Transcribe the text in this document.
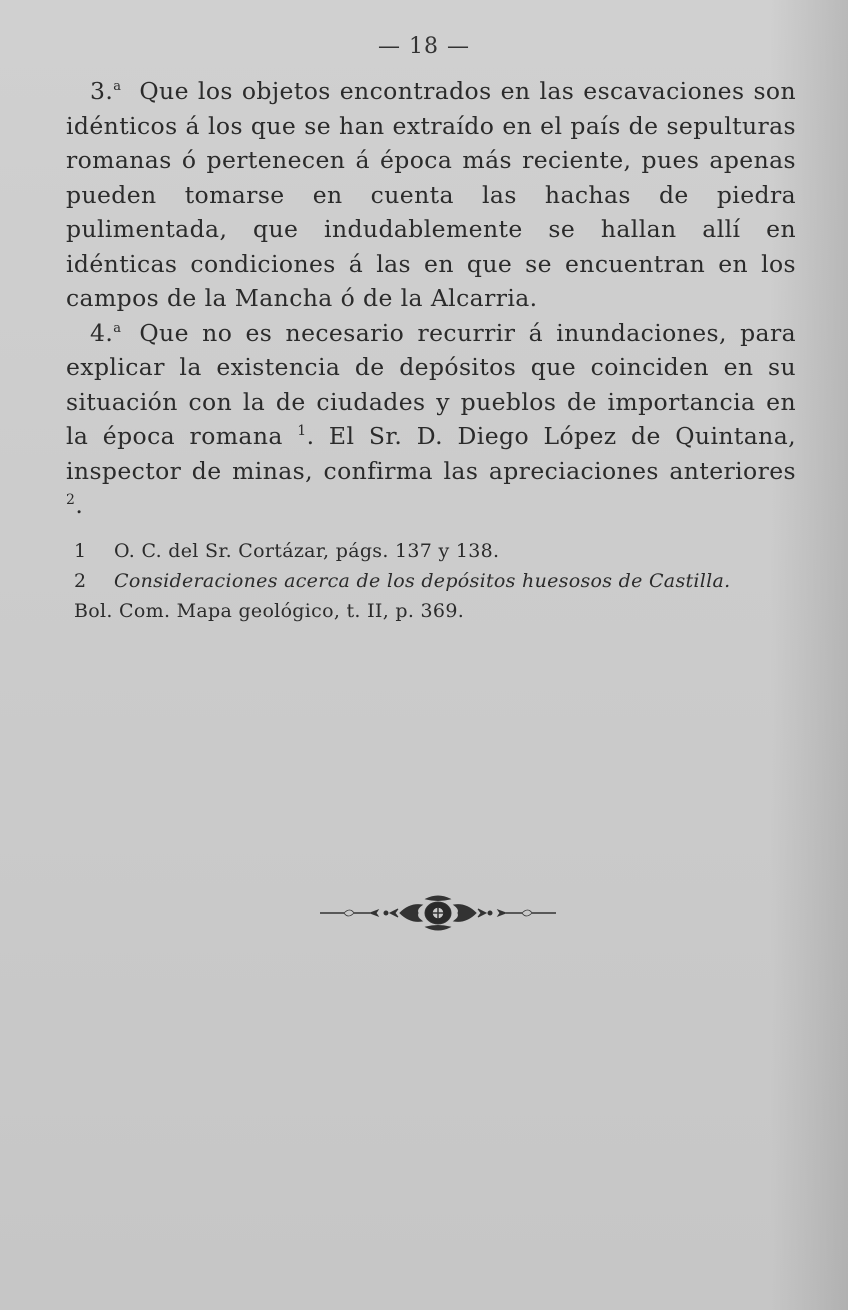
— 18 —

3.$^a$ Que los objetos encontrados en las escavaciones son idénticos á los que se han extraído en el país de sepulturas romanas ó pertenecen á época más reciente, pues apenas pueden tomarse en cuenta las hachas de piedra pulimentada, que indudablemente se hallan allí en idénticas condiciones á las en que se encuentran en los campos de la Mancha ó de la Alcarria.

4.$^a$ Que no es necesario recurrir á inundaciones, para explicar la existencia de depósitos que coinciden en su situación con la de ciudades y pueblos de importancia en la época romana $^1$. El Sr. D. Diego López de Quintana, inspector de minas, confirma las apreciaciones anteriores $^2$.

1 O. C. del Sr. Cortázar, págs. 137 y 138.

2 Consideraciones acerca de los depósitos huesosos de Castilla.

Bol. Com. Mapa geológico, t. II, p. 369.
